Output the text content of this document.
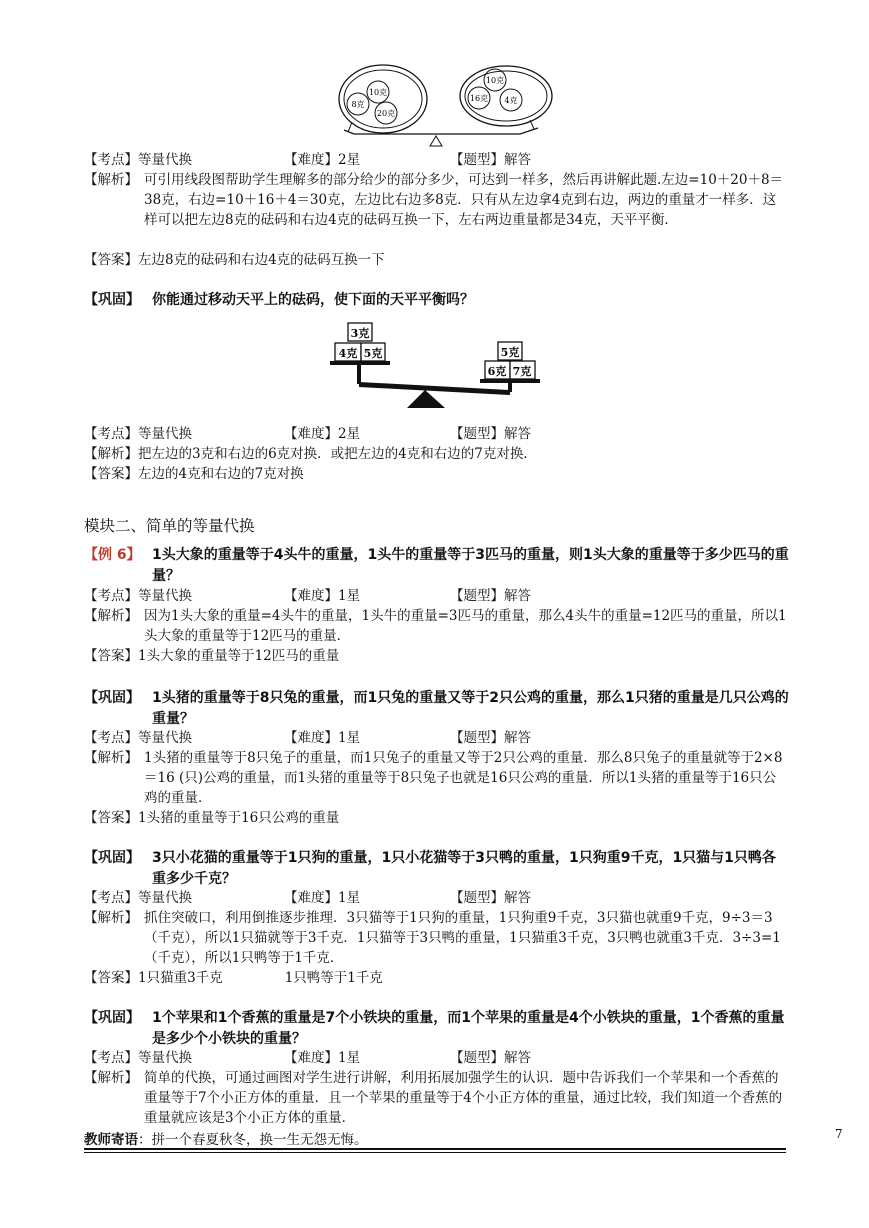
10克
8克
20克
10克
16克 4克
【考点】等量代换	【难度】2星	【题型】解答
【解析】 可引用线段图帮助学生理解多的部分给少的部分多少，可达到一样多，然后再讲解此题.左边=10＋20＋8＝38克，右边=10＋16＋4＝30克，左边比右边多8克．只有从左边拿4克到右边，两边的重量才一样多．这样可以把左边8克的砝码和右边4克的砝码互换一下，左右两边重量都是34克，天平平衡．
【答案】左边8克的砝码和右边4克的砝码互换一下
【巩固】 你能通过移动天平上的砝码，使下面的天平平衡吗？
3克
4克 5克	5克
6克 7克
【考点】等量代换	【难度】2星	【题型】解答
【解析】把左边的3克和右边的6克对换．或把左边的4克和右边的7克对换．
【答案】左边的4克和右边的7克对换
模块二、简单的等量代换
【例 6】 1头大象的重量等于4头牛的重量，1头牛的重量等于3匹马的重量，则1头大象的重量等于多少匹马的重量？
【考点】等量代换	【难度】1星	【题型】解答
【解析】 因为1头大象的重量=4头牛的重量，1头牛的重量=3匹马的重量，那么4头牛的重量=12匹马的重量，所以1头大象的重量等于12匹马的重量．
【答案】1头大象的重量等于12匹马的重量
【巩固】 1头猪的重量等于8只兔的重量，而1只兔的重量又等于2只公鸡的重量，那么1只猪的重量是几只公鸡的重量？
【考点】等量代换	【难度】1星	【题型】解答
【解析】 1头猪的重量等于8只兔子的重量，而1只兔子的重量又等于2只公鸡的重量．那么8只兔子的重量就等于2×8＝16 (只)公鸡的重量，而1头猪的重量等于8只兔子也就是16只公鸡的重量．所以1头猪的重量等于16只公鸡的重量．
【答案】1头猪的重量等于16只公鸡的重量
【巩固】 3只小花猫的重量等于1只狗的重量，1只小花猫等于3只鸭的重量，1只狗重9千克，1只猫与1只鸭各重多少千克？
【考点】等量代换	【难度】1星	【题型】解答
【解析】 抓住突破口，利用倒推逐步推理．3只猫等于1只狗的重量，1只狗重9千克，3只猫也就重9千克，9÷3＝3（千克），所以1只猫就等于3千克．1只猫等于3只鸭的重量，1只猫重3千克，3只鸭也就重3千克．3÷3=1（千克），所以1只鸭等于1千克．
【答案】1只猫重3千克	1只鸭等于1千克
【巩固】 1个苹果和1个香蕉的重量是7个小铁块的重量，而1个苹果的重量是4个小铁块的重量，1个香蕉的重量是多少个小铁块的重量？
【考点】等量代换	【难度】1星	【题型】解答
【解析】 简单的代换，可通过画图对学生进行讲解，利用拓展加强学生的认识．题中告诉我们一个苹果和一个香蕉的重量等于7个小正方体的重量．且一个苹果的重量等于4个小正方体的重量，通过比较，我们知道一个香蕉的重量就应该是3个小正方体的重量．
教师寄语：拼一个春夏秋冬，换一生无怨无悔。	7
